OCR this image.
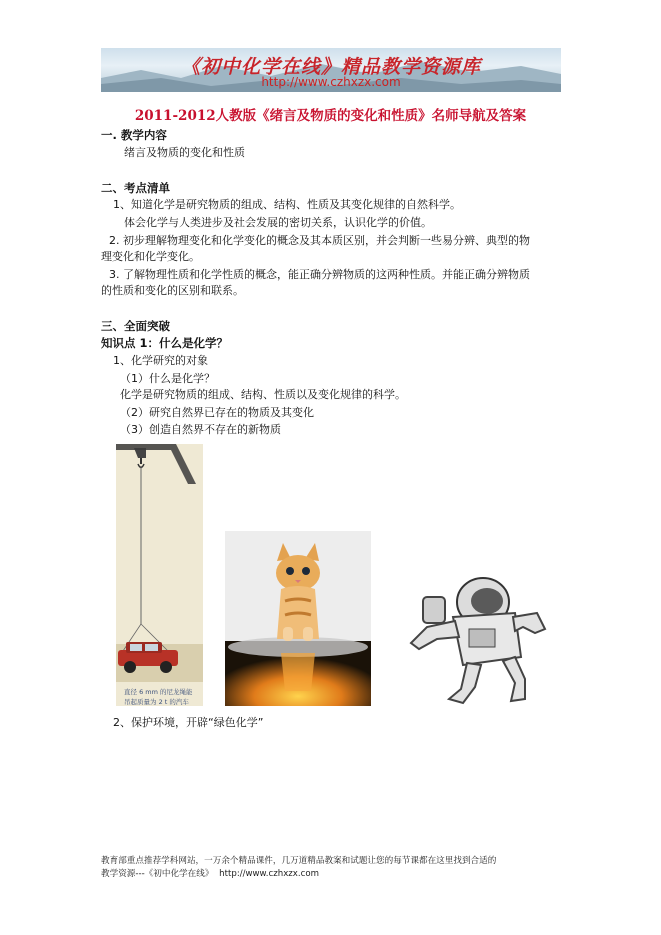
《初中化学在线》精品教学资源库
http://www.czhxzx.com
2011-2012人教版《绪言及物质的变化和性质》名师导航及答案
一. 教学内容
绪言及物质的变化和性质
二、考点清单
1、知道化学是研究物质的组成、结构、性质及其变化规律的自然科学。
体会化学与人类进步及社会发展的密切关系，认识化学的价值。
2. 初步理解物理变化和化学变化的概念及其本质区别，并会判断一些易分辨、典型的物
理变化和化学变化。
3. 了解物理性质和化学性质的概念，能正确分辨物质的这两种性质。并能正确分辨物质
的性质和变化的区别和联系。
三、全面突破
知识点 1：什么是化学？
1、化学研究的对象
（1）什么是化学？
化学是研究物质的组成、结构、性质以及变化规律的科学。
（2）研究自然界已存在的物质及其变化
（3）创造自然界不存在的新物质
直径 6 mm 的尼龙绳能
吊起质量为 2 t 的汽车
2、保护环境，开辟“绿色化学”
教育部重点推荐学科网站，一万余个精品课件，几万道精品教案和试题让您的每节课都在这里找到合适的
教学资源---《初中化学在线》 http://www.czhxzx.com
